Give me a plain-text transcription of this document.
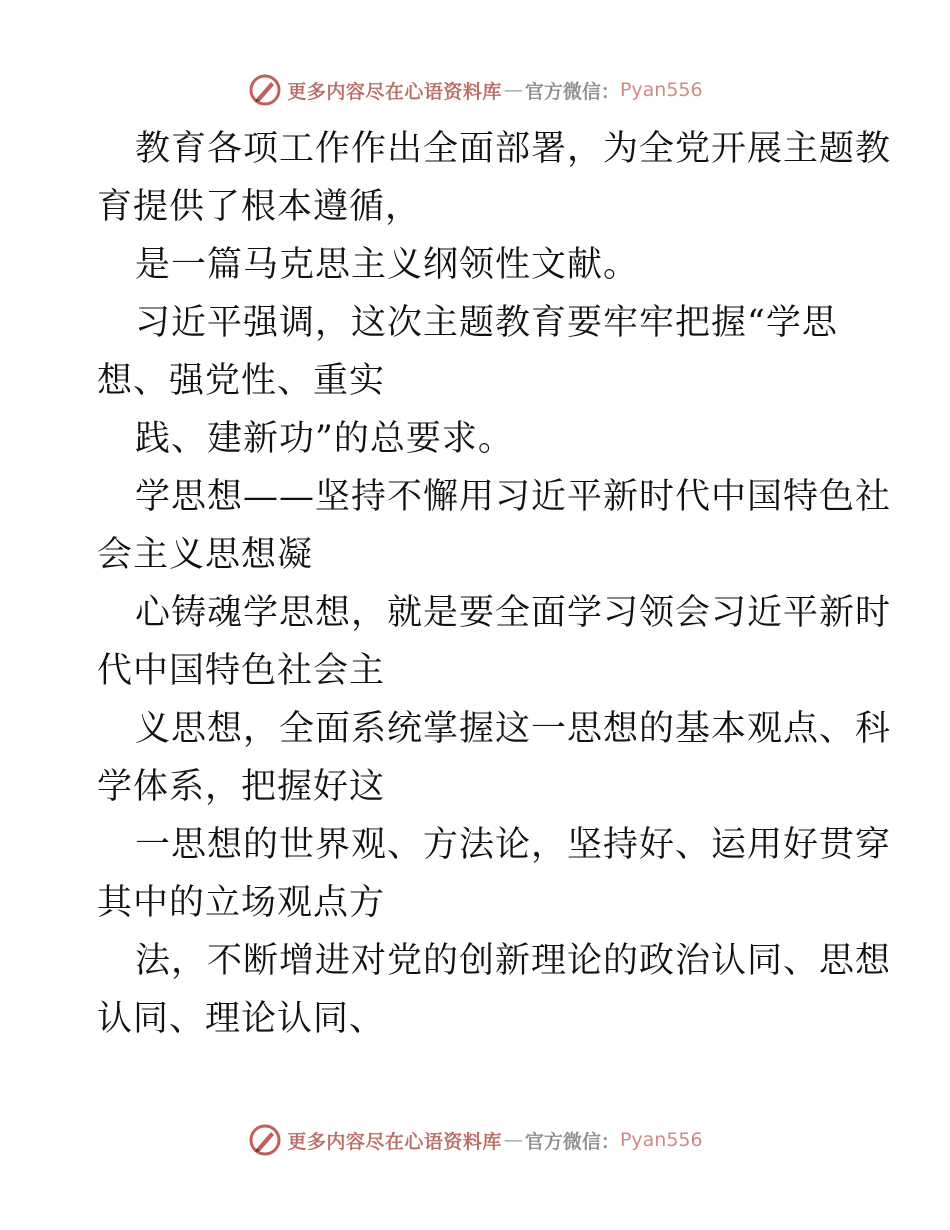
更多内容尽在心语资料库 — 官方微信： Pyan556
教育各项工作作出全面部署，为全党开展主题教
育提供了根本遵循，
是一篇马克思主义纲领性文献。
习近平强调，这次主题教育要牢牢把握“学思
想、强党性、重实
践、建新功”的总要求。
学思想——坚持不懈用习近平新时代中国特色社
会主义思想凝
心铸魂学思想，就是要全面学习领会习近平新时
代中国特色社会主
义思想，全面系统掌握这一思想的基本观点、科
学体系，把握好这
一思想的世界观、方法论，坚持好、运用好贯穿
其中的立场观点方
法，不断增进对党的创新理论的政治认同、思想
认同、理论认同、
更多内容尽在心语资料库 — 官方微信： Pyan556
